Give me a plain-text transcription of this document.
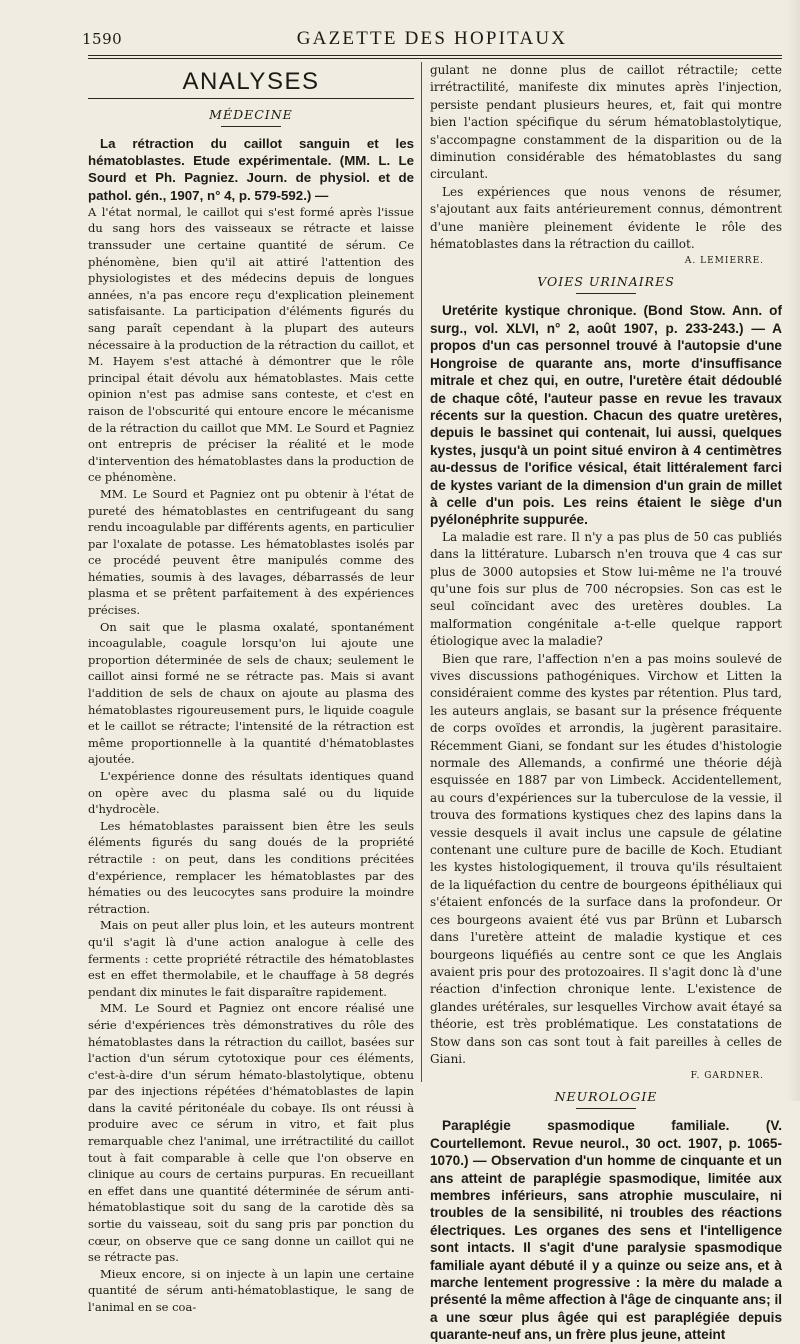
1590	GAZETTE DES HOPITAUX
ANALYSES
MÉDECINE
La rétraction du caillot sanguin et les hématoblastes. Etude expérimentale. (MM. L. Le Sourd et Ph. Pagniez. Journ. de physiol. et de pathol. gén., 1907, n° 4, p. 579-592.) —

A l'état normal, le caillot qui s'est formé après l'issue du sang hors des vaisseaux se rétracte et laisse transsuder une certaine quantité de sérum. Ce phénomène, bien qu'il ait attiré l'attention des physiologistes et des médecins depuis de longues années, n'a pas encore reçu d'explication pleinement satisfaisante. La participation d'éléments figurés du sang paraît cependant à la plupart des auteurs nécessaire à la production de la rétraction du caillot, et M. Hayem s'est attaché à démontrer que le rôle principal était dévolu aux hématoblastes. Mais cette opinion n'est pas admise sans conteste, et c'est en raison de l'obscurité qui entoure encore le mécanisme de la rétraction du caillot que MM. Le Sourd et Pagniez ont entrepris de préciser la réalité et le mode d'intervention des hématoblastes dans la production de ce phénomène.

MM. Le Sourd et Pagniez ont pu obtenir à l'état de pureté des hématoblastes en centrifugeant du sang rendu incoagulable par différents agents, en particulier par l'oxalate de potasse. Les hématoblastes isolés par ce procédé peuvent être manipulés comme des hématies, soumis à des lavages, débarrassés de leur plasma et se prêtent parfaitement à des expériences précises.

On sait que le plasma oxalaté, spontanément incoagulable, coagule lorsqu'on lui ajoute une proportion déterminée de sels de chaux; seulement le caillot ainsi formé ne se rétracte pas. Mais si avant l'addition de sels de chaux on ajoute au plasma des hématoblastes rigoureusement purs, le liquide coagule et le caillot se rétracte; l'intensité de la rétraction est même proportionnelle à la quantité d'hématoblastes ajoutée.

L'expérience donne des résultats identiques quand on opère avec du plasma salé ou du liquide d'hydrocèle.

Les hématoblastes paraissent bien être les seuls éléments figurés du sang doués de la propriété rétractile : on peut, dans les conditions précitées d'expérience, remplacer les hématoblastes par des hématies ou des leucocytes sans produire la moindre rétraction.

Mais on peut aller plus loin, et les auteurs montrent qu'il s'agit là d'une action analogue à celle des ferments : cette propriété rétractile des hématoblastes est en effet thermolabile, et le chauffage à 58 degrés pendant dix minutes le fait disparaître rapidement.

MM. Le Sourd et Pagniez ont encore réalisé une série d'expériences très démonstratives du rôle des hématoblastes dans la rétraction du caillot, basées sur l'action d'un sérum cytotoxique pour ces éléments, c'est-à-dire d'un sérum hémato-blastolytique, obtenu par des injections répétées d'hématoblastes de lapin dans la cavité péritonéale du cobaye. Ils ont réussi à produire avec ce sérum in vitro, et fait plus remarquable chez l'animal, une irrétractilité du caillot tout à fait comparable à celle que l'on observe en clinique au cours de certains purpuras. En recueillant en effet dans une quantité déterminée de sérum anti-hématoblastique soit du sang de la carotide dès sa sortie du vaisseau, soit du sang pris par ponction du cœur, on observe que ce sang donne un caillot qui ne se rétracte pas.

Mieux encore, si on injecte à un lapin une certaine quantité de sérum anti-hématoblastique, le sang de l'animal en se coa-

gulant ne donne plus de caillot rétractile; cette irrétractilité, manifeste dix minutes après l'injection, persiste pendant plusieurs heures, et, fait qui montre bien l'action spécifique du sérum hématoblastolytique, s'accompagne constamment de la disparition ou de la diminution considérable des hématoblastes du sang circulant.

Les expériences que nous venons de résumer, s'ajoutant aux faits antérieurement connus, démontrent d'une manière pleinement évidente le rôle des hématoblastes dans la rétraction du caillot.

A. LEMIERRE.
VOIES URINAIRES
Uretérite kystique chronique. (Bond Stow. Ann. of surg., vol. XLVI, n° 2, août 1907, p. 233-243.) — A propos d'un cas personnel trouvé à l'autopsie d'une Hongroise de quarante ans, morte d'insuffisance mitrale et chez qui, en outre, l'uretère était dédoublé de chaque côté, l'auteur passe en revue les travaux récents sur la question. Chacun des quatre uretères, depuis le bassinet qui contenait, lui aussi, quelques kystes, jusqu'à un point situé environ à 4 centimètres au-dessus de l'orifice vésical, était littéralement farci de kystes variant de la dimension d'un grain de millet à celle d'un pois. Les reins étaient le siège d'un pyélonéphrite suppurée.

La maladie est rare. Il n'y a pas plus de 50 cas publiés dans la littérature. Lubarsch n'en trouva que 4 cas sur plus de 3000 autopsies et Stow lui-même ne l'a trouvé qu'une fois sur plus de 700 nécropsies. Son cas est le seul coïncidant avec des uretères doubles. La malformation congénitale a-t-elle quelque rapport étiologique avec la maladie?

Bien que rare, l'affection n'en a pas moins soulevé de vives discussions pathogéniques. Virchow et Litten la considéraient comme des kystes par rétention. Plus tard, les auteurs anglais, se basant sur la présence fréquente de corps ovoïdes et arrondis, la jugèrent parasitaire. Récemment Giani, se fondant sur les études d'histologie normale des Allemands, a confirmé une théorie déjà esquissée en 1887 par von Limbeck. Accidentellement, au cours d'expériences sur la tuberculose de la vessie, il trouva des formations kystiques chez des lapins dans la vessie desquels il avait inclus une capsule de gélatine contenant une culture pure de bacille de Koch. Etudiant les kystes histologiquement, il trouva qu'ils résultaient de la liquéfaction du centre de bourgeons épithéliaux qui s'étaient enfoncés de la surface dans la profondeur. Or ces bourgeons avaient été vus par Brünn et Lubarsch dans l'uretère atteint de maladie kystique et ces bourgeons liquéfiés au centre sont ce que les Anglais avaient pris pour des protozoaires. Il s'agit donc là d'une réaction d'infection chronique lente. L'existence de glandes urétérales, sur lesquelles Virchow avait étayé sa théorie, est très problématique. Les constatations de Stow dans son cas sont tout à fait pareilles à celles de Giani.

F. GARDNER.
NEUROLOGIE
Paraplégie spasmodique familiale. (V. Courtellemont. Revue neurol., 30 oct. 1907, p. 1065-1070.) — Observation d'un homme de cinquante et un ans atteint de paraplégie spasmodique, limitée aux membres inférieurs, sans atrophie musculaire, ni troubles de la sensibilité, ni troubles des réactions électriques. Les organes des sens et l'intelligence sont intacts. Il s'agit d'une paralysie spasmodique familiale ayant débuté il y a quinze ou seize ans, et à marche lentement progressive : la mère du malade a présenté la même affection à l'âge de cinquante ans; il a une sœur plus âgée qui est paraplégiée depuis quarante-neuf ans, un frère plus jeune, atteint
